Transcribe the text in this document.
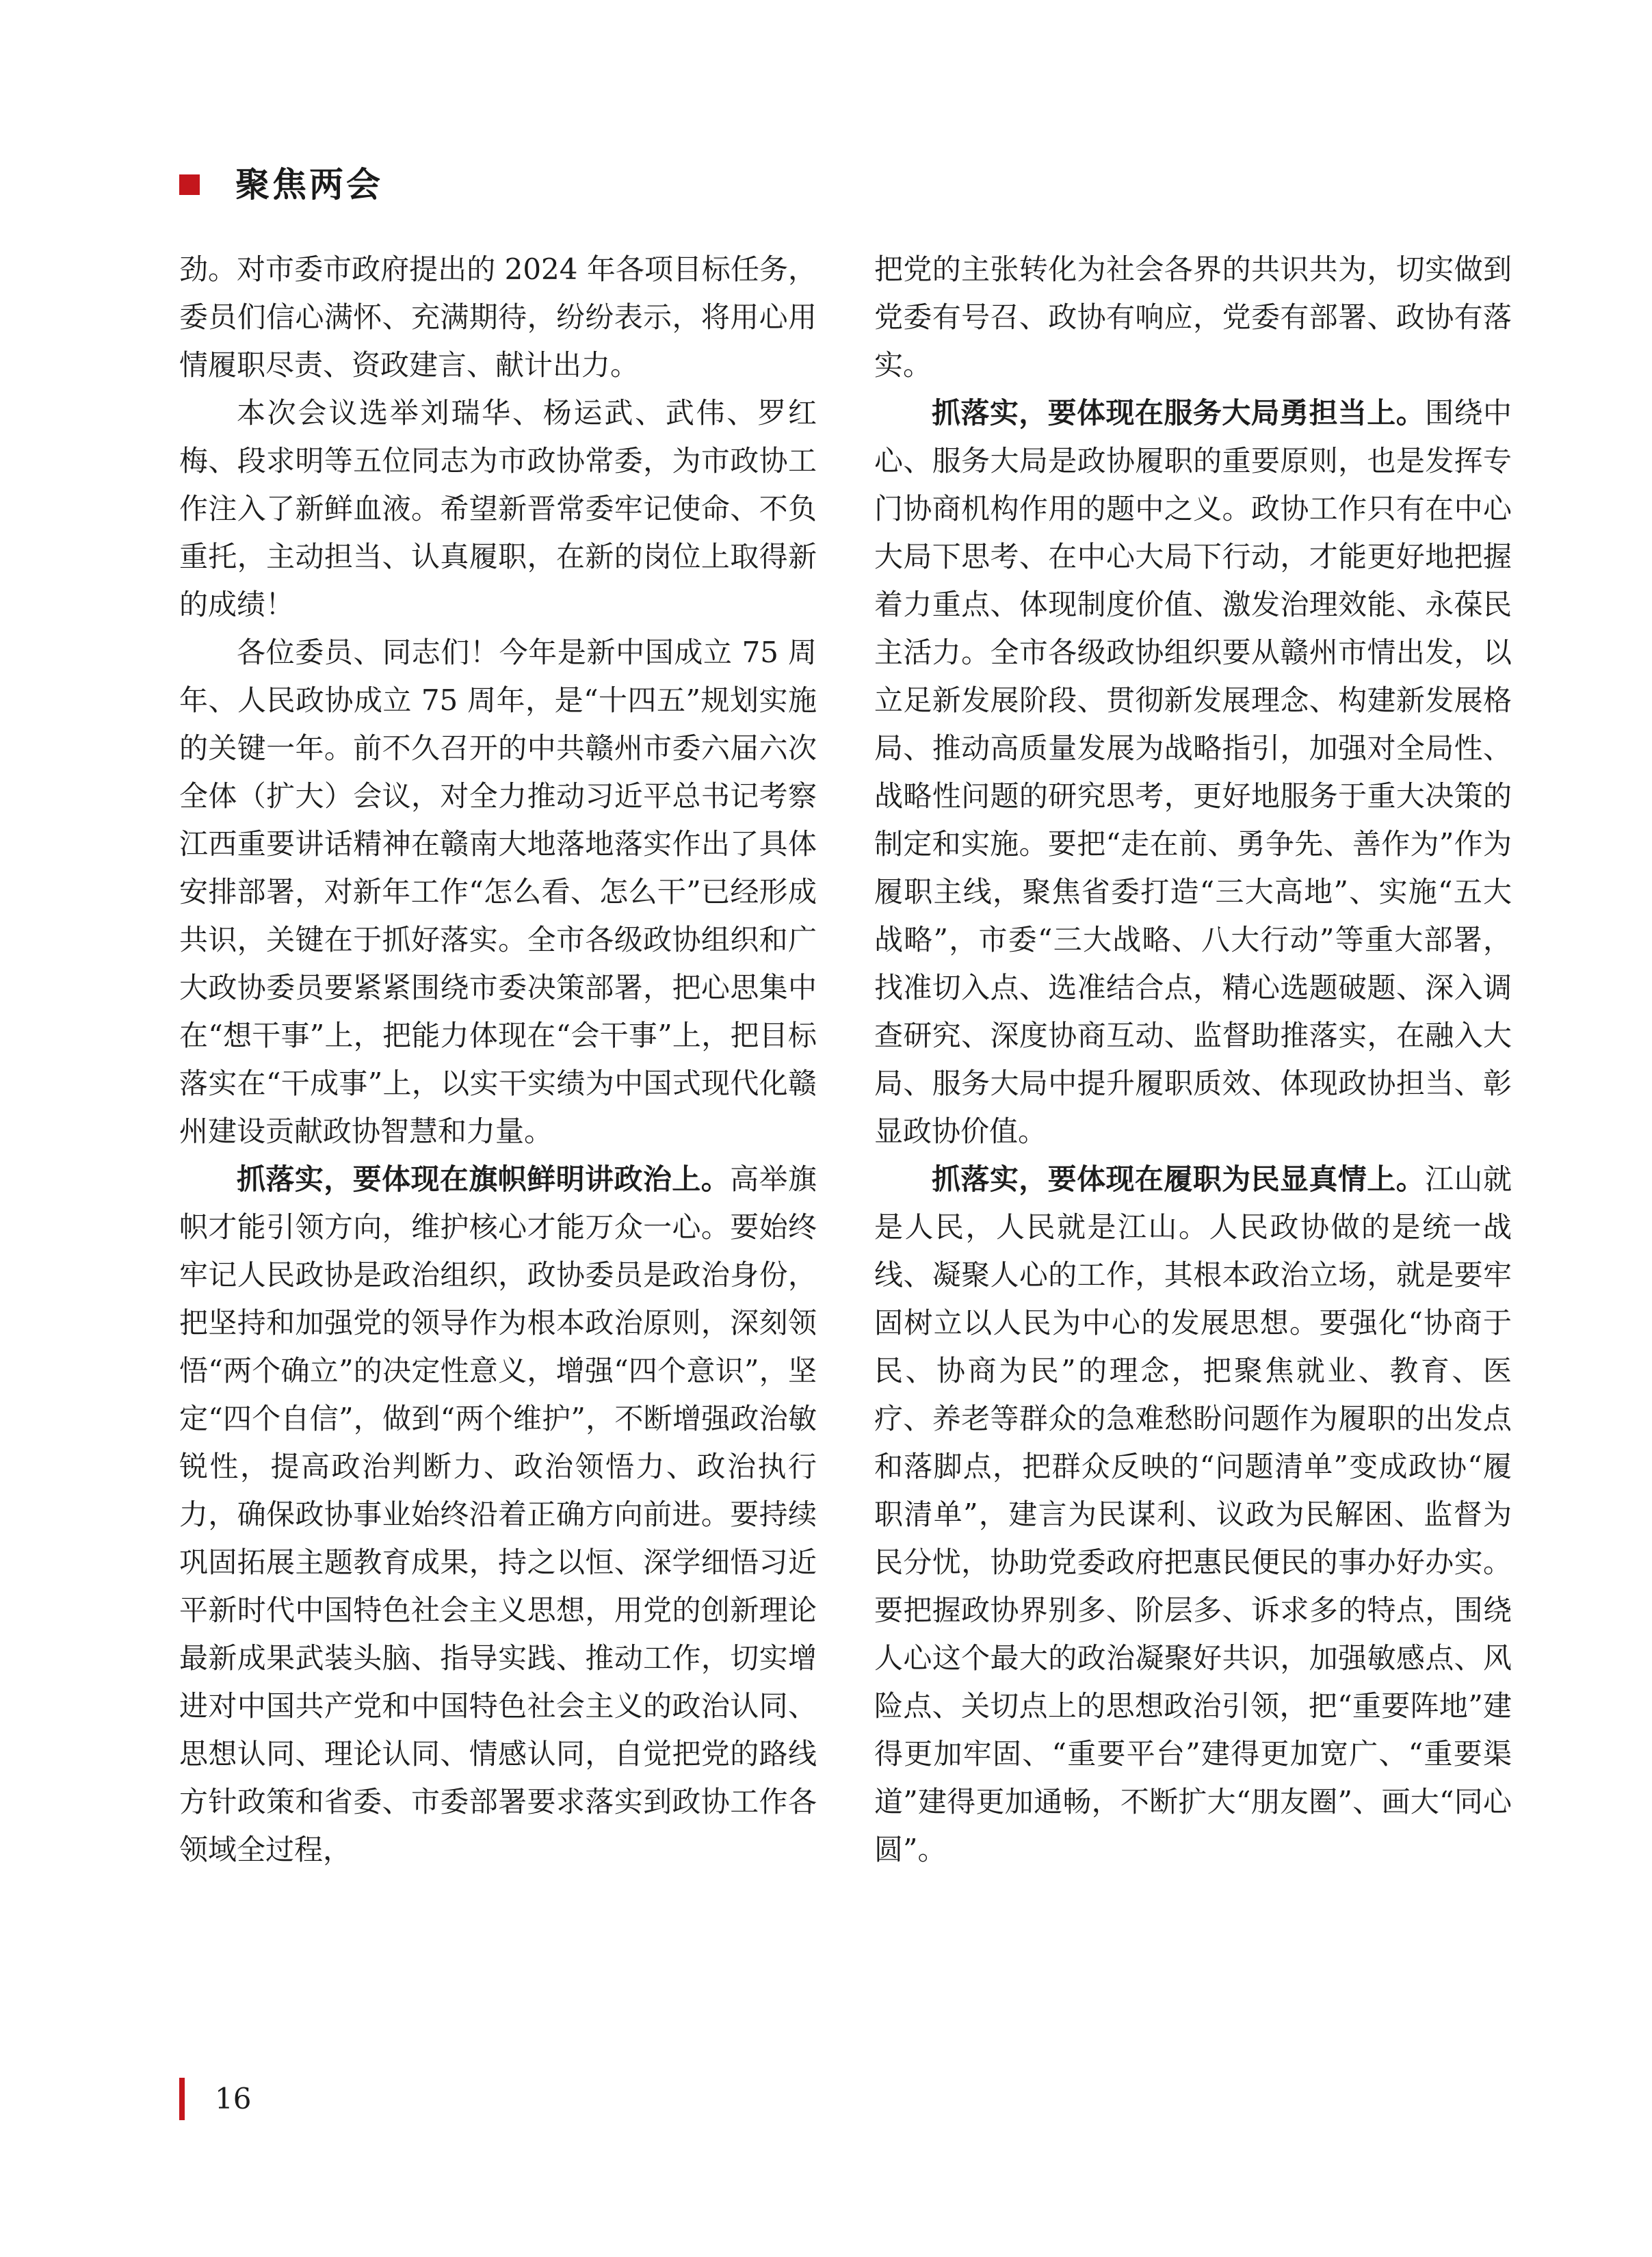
聚焦两会

劲。对市委市政府提出的 2024 年各项目标任务，委员们信心满怀、充满期待，纷纷表示，将用心用情履职尽责、资政建言、献计出力。

本次会议选举刘瑞华、杨运武、武伟、罗红梅、段求明等五位同志为市政协常委，为市政协工作注入了新鲜血液。希望新晋常委牢记使命、不负重托，主动担当、认真履职，在新的岗位上取得新的成绩！

各位委员、同志们！今年是新中国成立 75 周年、人民政协成立 75 周年，是“十四五”规划实施的关键一年。前不久召开的中共赣州市委六届六次全体（扩大）会议，对全力推动习近平总书记考察江西重要讲话精神在赣南大地落地落实作出了具体安排部署，对新年工作“怎么看、怎么干”已经形成共识，关键在于抓好落实。全市各级政协组织和广大政协委员要紧紧围绕市委决策部署，把心思集中在“想干事”上，把能力体现在“会干事”上，把目标落实在“干成事”上，以实干实绩为中国式现代化赣州建设贡献政协智慧和力量。

抓落实，要体现在旗帜鲜明讲政治上。高举旗帜才能引领方向，维护核心才能万众一心。要始终牢记人民政协是政治组织，政协委员是政治身份，把坚持和加强党的领导作为根本政治原则，深刻领悟“两个确立”的决定性意义，增强“四个意识”，坚定“四个自信”，做到“两个维护”，不断增强政治敏锐性，提高政治判断力、政治领悟力、政治执行力，确保政协事业始终沿着正确方向前进。要持续巩固拓展主题教育成果，持之以恒、深学细悟习近平新时代中国特色社会主义思想，用党的创新理论最新成果武装头脑、指导实践、推动工作，切实增进对中国共产党和中国特色社会主义的政治认同、思想认同、理论认同、情感认同，自觉把党的路线方针政策和省委、市委部署要求落实到政协工作各领域全过程，

把党的主张转化为社会各界的共识共为，切实做到党委有号召、政协有响应，党委有部署、政协有落实。

抓落实，要体现在服务大局勇担当上。围绕中心、服务大局是政协履职的重要原则，也是发挥专门协商机构作用的题中之义。政协工作只有在中心大局下思考、在中心大局下行动，才能更好地把握着力重点、体现制度价值、激发治理效能、永葆民主活力。全市各级政协组织要从赣州市情出发，以立足新发展阶段、贯彻新发展理念、构建新发展格局、推动高质量发展为战略指引，加强对全局性、战略性问题的研究思考，更好地服务于重大决策的制定和实施。要把“走在前、勇争先、善作为”作为履职主线，聚焦省委打造“三大高地”、实施“五大战略”，市委“三大战略、八大行动”等重大部署，找准切入点、选准结合点，精心选题破题、深入调查研究、深度协商互动、监督助推落实，在融入大局、服务大局中提升履职质效、体现政协担当、彰显政协价值。

抓落实，要体现在履职为民显真情上。江山就是人民，人民就是江山。人民政协做的是统一战线、凝聚人心的工作，其根本政治立场，就是要牢固树立以人民为中心的发展思想。要强化“协商于民、协商为民”的理念，把聚焦就业、教育、医疗、养老等群众的急难愁盼问题作为履职的出发点和落脚点，把群众反映的“问题清单”变成政协“履职清单”，建言为民谋利、议政为民解困、监督为民分忧，协助党委政府把惠民便民的事办好办实。要把握政协界别多、阶层多、诉求多的特点，围绕人心这个最大的政治凝聚好共识，加强敏感点、风险点、关切点上的思想政治引领，把“重要阵地”建得更加牢固、“重要平台”建得更加宽广、“重要渠道”建得更加通畅，不断扩大“朋友圈”、画大“同心圆”。

16
